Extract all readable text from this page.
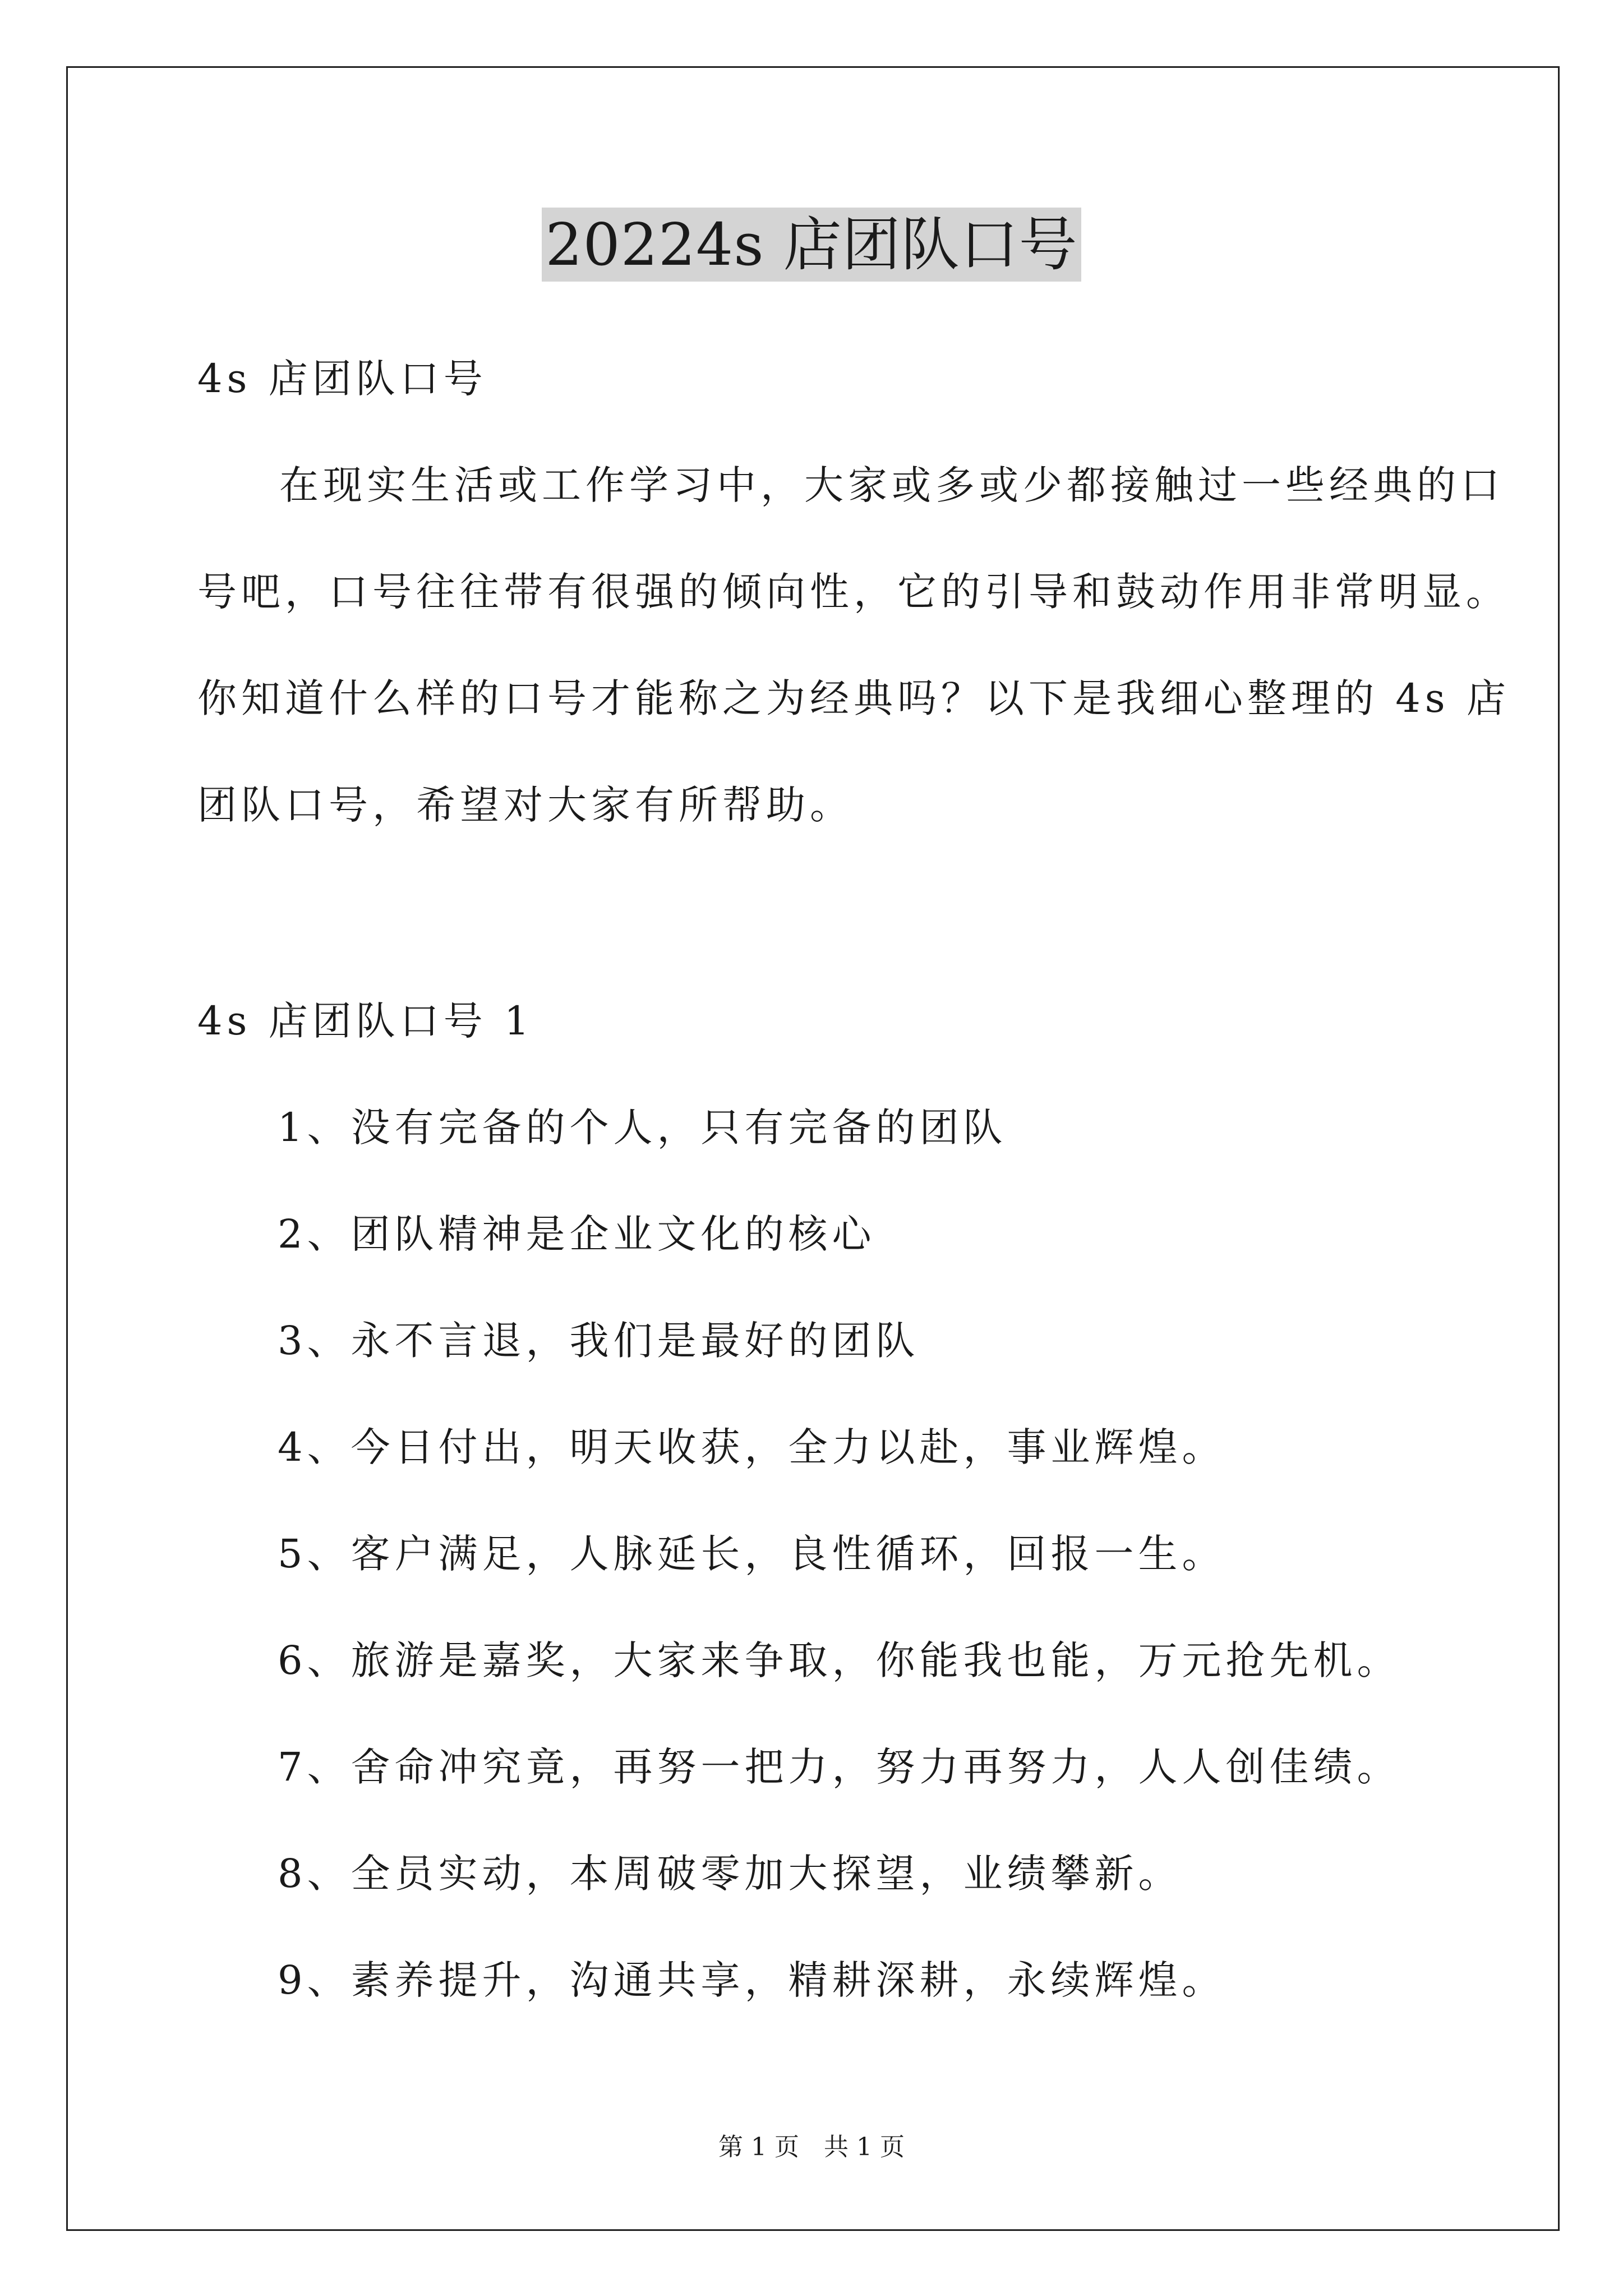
20224s 店团队口号
4s 店团队口号
在现实生活或工作学习中，大家或多或少都接触过一些经典的口
号吧，口号往往带有很强的倾向性，它的引导和鼓动作用非常明显。
你知道什么样的口号才能称之为经典吗？以下是我细心整理的 4s 店
团队口号，希望对大家有所帮助。
4s 店团队口号 1
1、没有完备的个人，只有完备的团队
2、团队精神是企业文化的核心
3、永不言退，我们是最好的团队
4、今日付出，明天收获，全力以赴，事业辉煌。
5、客户满足，人脉延长，良性循环，回报一生。
6、旅游是嘉奖，大家来争取，你能我也能，万元抢先机。
7、舍命冲究竟，再努一把力，努力再努力，人人创佳绩。
8、全员实动，本周破零加大探望，业绩攀新。
9、素养提升，沟通共享，精耕深耕，永续辉煌。
第 1 页　共 1 页
